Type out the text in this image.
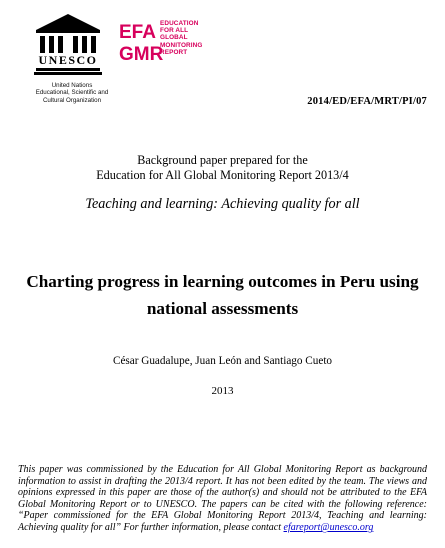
UNESCO
United Nations
Educational, Scientific and
Cultural Organization
EFA
GMR
EDUCATION
FOR ALL
GLOBAL
MONITORING
REPORT
2014/ED/EFA/MRT/PI/07
Background paper prepared for the
Education for All Global Monitoring Report 2013/4
Teaching and learning: Achieving quality for all
Charting progress in learning outcomes in Peru using
national assessments
César Guadalupe, Juan León and Santiago Cueto
2013
This paper was commissioned by the Education for All Global Monitoring Report as background information to assist in drafting the 2013/4 report. It has not been edited by the team. The views and opinions expressed in this paper are those of the author(s) and should not be attributed to the EFA Global Monitoring Report or to UNESCO. The papers can be cited with the following reference: “Paper commissioned for the EFA Global Monitoring Report 2013/4, Teaching and learning: Achieving quality for all” For further information, please contact efareport@unesco.org
